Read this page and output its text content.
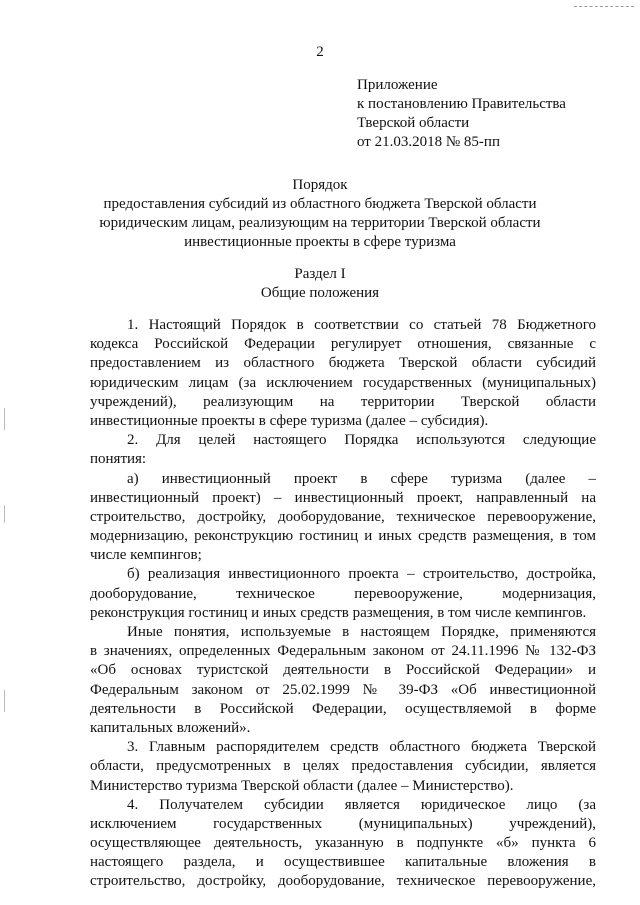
2
Приложение
к постановлению Правительства
Тверской области
от 21.03.2018 № 85-пп
Порядок
предоставления субсидий из областного бюджета Тверской области
юридическим лицам, реализующим на территории Тверской области
инвестиционные проекты в сфере туризма
Раздел I
Общие положения
1. Настоящий Порядок в соответствии со статьей 78 Бюджетного
кодекса Российской Федерации регулирует отношения, связанные с
предоставлением из областного бюджета Тверской области субсидий
юридическим лицам (за исключением государственных (муниципальных)
учреждений), реализующим на территории Тверской области
инвестиционные проекты в сфере туризма (далее – субсидия).
2. Для целей настоящего Порядка используются следующие
понятия:
а) инвестиционный проект в сфере туризма (далее –
инвестиционный проект) – инвестиционный проект, направленный на
строительство, достройку, дооборудование, техническое перевооружение,
модернизацию, реконструкцию гостиниц и иных средств размещения, в том
числе кемпингов;
б) реализация инвестиционного проекта – строительство, достройка,
дооборудование, техническое перевооружение, модернизация,
реконструкция гостиниц и иных средств размещения, в том числе кемпингов.
Иные понятия, используемые в настоящем Порядке, применяются
в значениях, определенных Федеральным законом от 24.11.1996 № 132-ФЗ
«Об основах туристской деятельности в Российской Федерации» и
Федеральным законом от 25.02.1999 № 39-ФЗ «Об инвестиционной
деятельности в Российской Федерации, осуществляемой в форме
капитальных вложений».
3. Главным распорядителем средств областного бюджета Тверской
области, предусмотренных в целях предоставления субсидии, является
Министерство туризма Тверской области (далее – Министерство).
4. Получателем субсидии является юридическое лицо (за
исключением государственных (муниципальных) учреждений),
осуществляющее деятельность, указанную в подпункте «б» пункта 6
настоящего раздела, и осуществившее капитальные вложения в
строительство, достройку, дооборудование, техническое перевооружение,
